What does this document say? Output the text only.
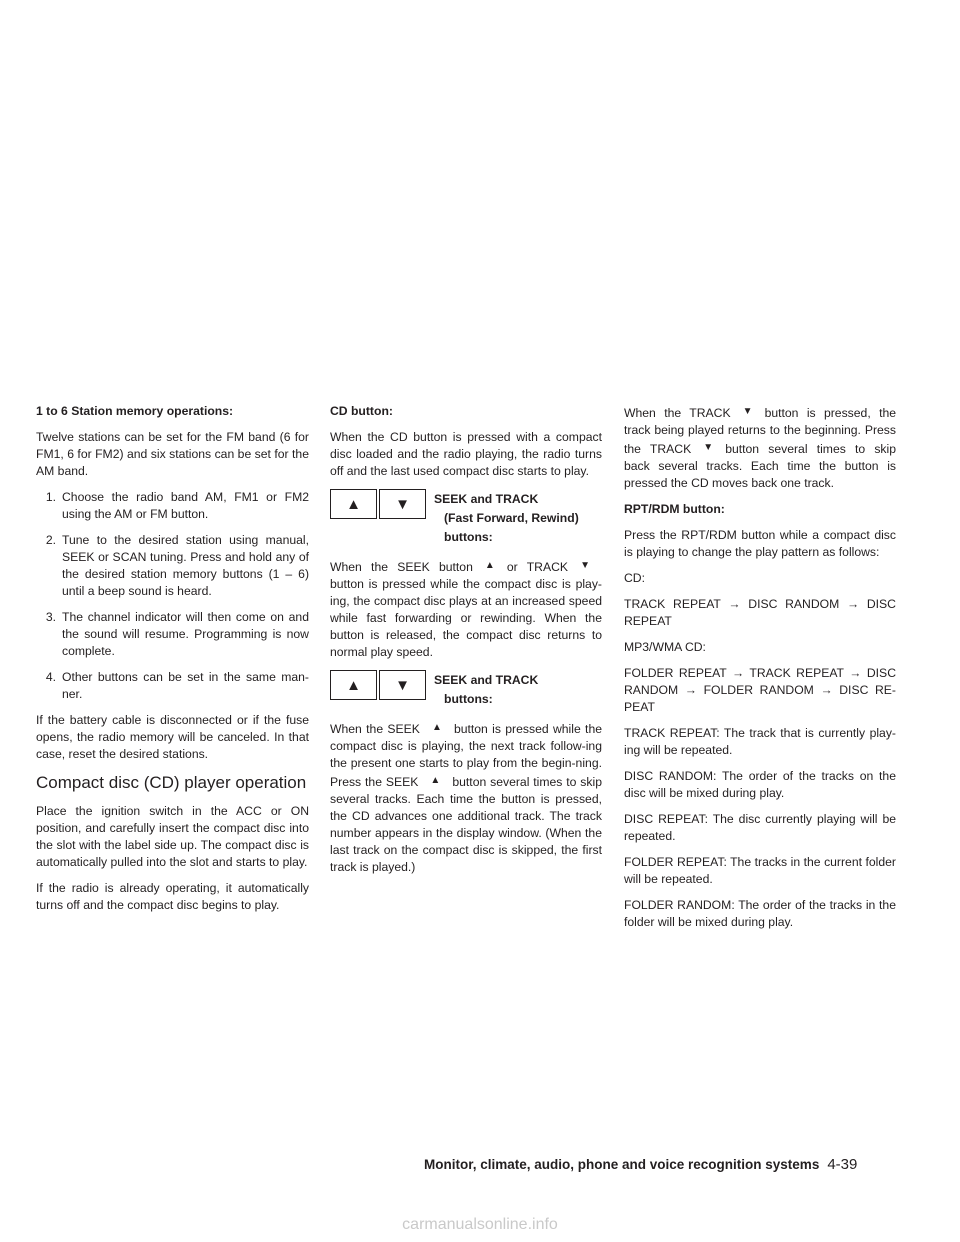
1 to 6 Station memory operations:

Twelve stations can be set for the FM band (6 for FM1, 6 for FM2) and six stations can be set for the AM band.

1. Choose the radio band AM, FM1 or FM2 using the AM or FM button.
2. Tune to the desired station using manual, SEEK or SCAN tuning. Press and hold any of the desired station memory buttons (1 – 6) until a beep sound is heard.
3. The channel indicator will then come on and the sound will resume. Programming is now complete.
4. Other buttons can be set in the same man-ner.

If the battery cable is disconnected or if the fuse opens, the radio memory will be canceled. In that case, reset the desired stations.

Compact disc (CD) player operation

Place the ignition switch in the ACC or ON position, and carefully insert the compact disc into the slot with the label side up. The compact disc is automatically pulled into the slot and starts to play.

If the radio is already operating, it automatically turns off and the compact disc begins to play.

CD button:

When the CD button is pressed with a compact disc loaded and the radio playing, the radio turns off and the last used compact disc starts to play.

▲ ▼ SEEK and TRACK
(Fast Forward, Rewind)
buttons:

When the SEEK button ▲ or TRACK ▼ button is pressed while the compact disc is play-ing, the compact disc plays at an increased speed while fast forwarding or rewinding. When the button is released, the compact disc returns to normal play speed.

▲ ▼ SEEK and TRACK
buttons:

When the SEEK ▲ button is pressed while the compact disc is playing, the next track follow-ing the present one starts to play from the begin-ning. Press the SEEK ▲ button several times to skip several tracks. Each time the button is pressed, the CD advances one additional track. The track number appears in the display window. (When the last track on the compact disc is skipped, the first track is played.)

When the TRACK ▼ button is pressed, the track being played returns to the beginning. Press the TRACK ▼ button several times to skip back several tracks. Each time the button is pressed the CD moves back one track.

RPT/RDM button:

Press the RPT/RDM button while a compact disc is playing to change the play pattern as follows:

CD:

TRACK REPEAT → DISC RANDOM → DISC REPEAT

MP3/WMA CD:

FOLDER REPEAT → TRACK REPEAT → DISC RANDOM → FOLDER RANDOM → DISC RE-PEAT

TRACK REPEAT: The track that is currently play-ing will be repeated.

DISC RANDOM: The order of the tracks on the disc will be mixed during play.

DISC REPEAT: The disc currently playing will be repeated.

FOLDER REPEAT: The tracks in the current folder will be repeated.

FOLDER RANDOM: The order of the tracks in the folder will be mixed during play.

Monitor, climate, audio, phone and voice recognition systems 4-39
carmanualsonline.info
